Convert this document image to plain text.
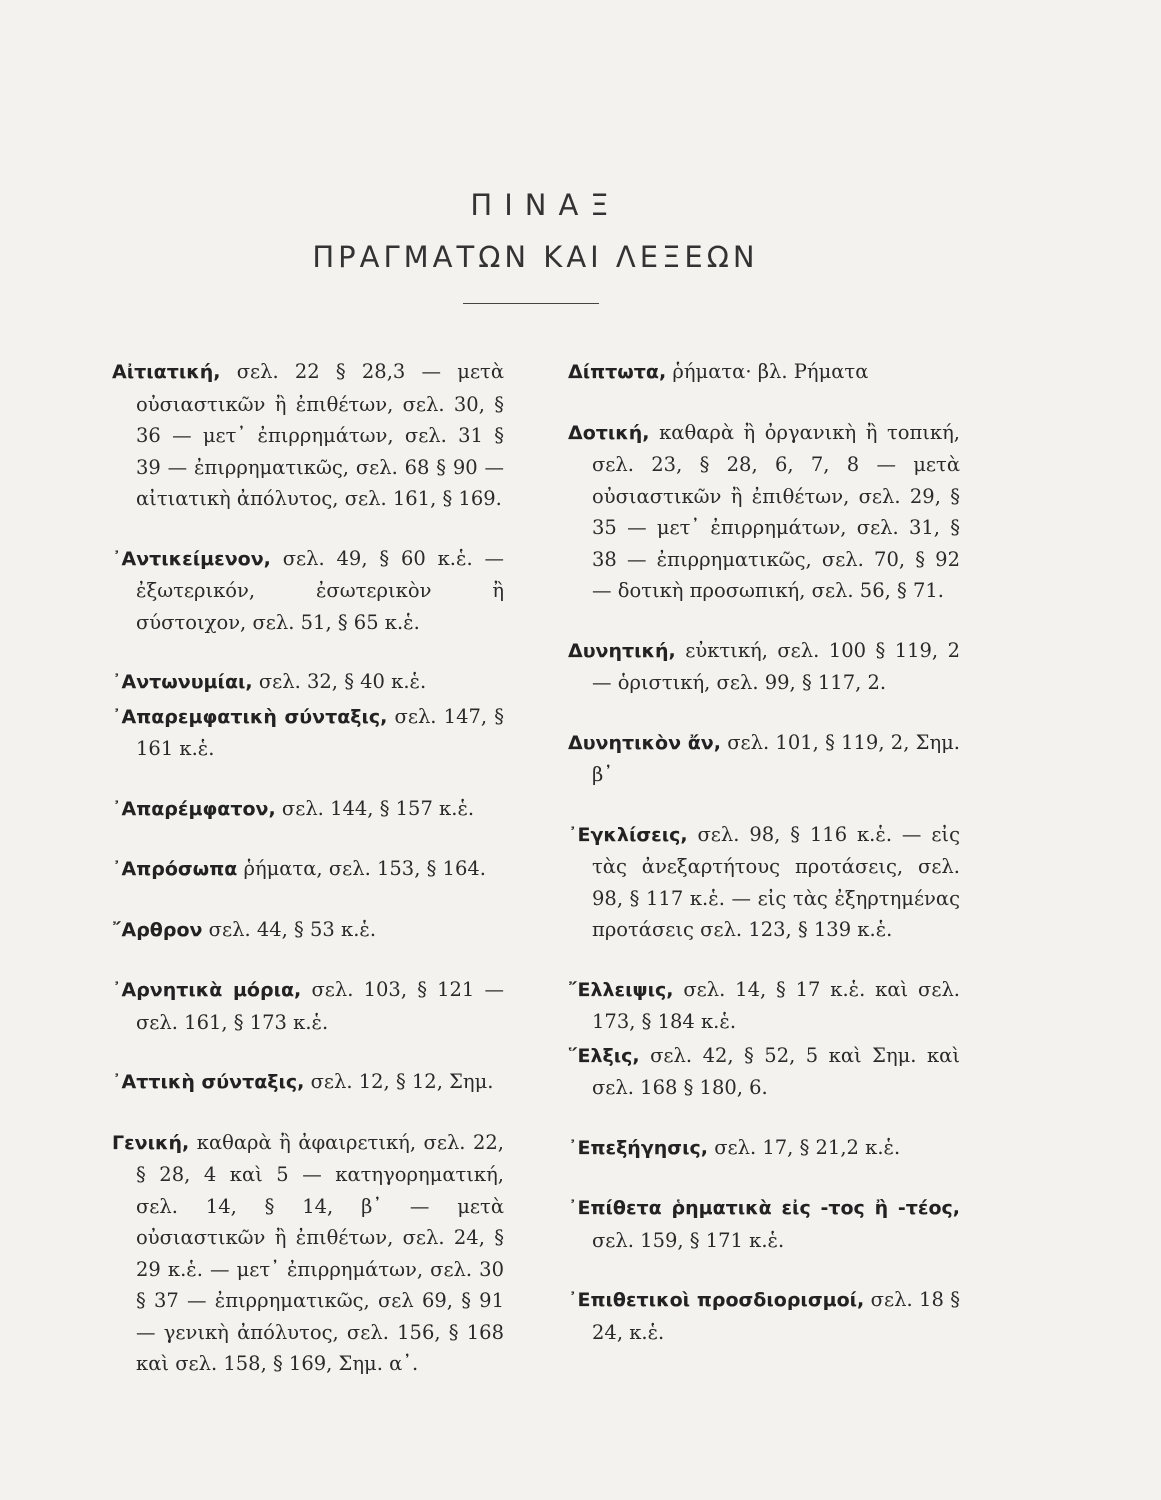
ΠΙΝΑΞ
ΠΡΑΓΜΑΤΩΝ ΚΑΙ ΛΕΞΕΩΝ
Αἰτιατική, σελ. 22 § 28,3 — μετὰ οὐσιαστικῶν ἢ ἐπιθέτων, σελ. 30, § 36 — μετ᾽ ἐπιρρημάτων, σελ. 31 § 39 — ἐπιρρηματικῶς, σελ. 68 § 90 — αἰτιατικὴ ἀπόλυτος, σελ. 161, § 169.
᾽Αντικείμενον, σελ. 49, § 60 κ.ἑ. — ἐξωτερικόν, ἐσωτερικὸν ἢ σύστοιχον, σελ. 51, § 65 κ.ἑ.
᾽Αντωνυμίαι, σελ. 32, § 40 κ.ἑ.
᾽Απαρεμφατικὴ σύνταξις, σελ. 147, § 161 κ.ἑ.
᾽Απαρέμφατον, σελ. 144, § 157 κ.ἑ.
᾽Απρόσωπα ῥήματα, σελ. 153, § 164.
῎Αρθρον σελ. 44, § 53 κ.ἑ.
᾽Αρνητικὰ μόρια, σελ. 103, § 121 — σελ. 161, § 173 κ.ἑ.
᾽Αττικὴ σύνταξις, σελ. 12, § 12, Σημ.
Γενική, καθαρὰ ἢ ἀφαιρετική, σελ. 22, § 28, 4 καὶ 5 — κατηγορηματική, σελ. 14, § 14, β᾽ — μετὰ οὐσιαστικῶν ἢ ἐπιθέτων, σελ. 24, § 29 κ.ἑ. — μετ᾽ ἐπιρρημάτων, σελ. 30 § 37 — ἐπιρρηματικῶς, σελ 69, § 91 — γενικὴ ἀπόλυτος, σελ. 156, § 168 καὶ σελ. 158, § 169, Σημ. α᾽.
Δίπτωτα, ῥήματα· βλ. Ρήματα
Δοτική, καθαρὰ ἢ ὀργανικὴ ἢ τοπική, σελ. 23, § 28, 6, 7, 8 — μετὰ οὐσιαστικῶν ἢ ἐπιθέτων, σελ. 29, § 35 — μετ᾽ ἐπιρρημάτων, σελ. 31, § 38 — ἐπιρρηματικῶς, σελ. 70, § 92 — δοτικὴ προσωπική, σελ. 56, § 71.
Δυνητική, εὐκτική, σελ. 100 § 119, 2 — ὁριστική, σελ. 99, § 117, 2.
Δυνητικὸν ἄν, σελ. 101, § 119, 2, Σημ. β᾽
᾽Εγκλίσεις, σελ. 98, § 116 κ.ἑ. — εἰς τὰς ἀνεξαρτήτους προτάσεις, σελ. 98, § 117 κ.ἑ. — εἰς τὰς ἐξηρτημένας προτάσεις σελ. 123, § 139 κ.ἑ.
῎Ελλειψις, σελ. 14, § 17 κ.ἑ. καὶ σελ. 173, § 184 κ.ἑ.
῞Ελξις, σελ. 42, § 52, 5 καὶ Σημ. καὶ σελ. 168 § 180, 6.
᾽Επεξήγησις, σελ. 17, § 21,2 κ.ἑ.
᾽Επίθετα ῥηματικὰ εἰς -τος ἢ -τέος, σελ. 159, § 171 κ.ἑ.
᾽Επιθετικοὶ προσδιορισμοί, σελ. 18 § 24, κ.ἑ.
